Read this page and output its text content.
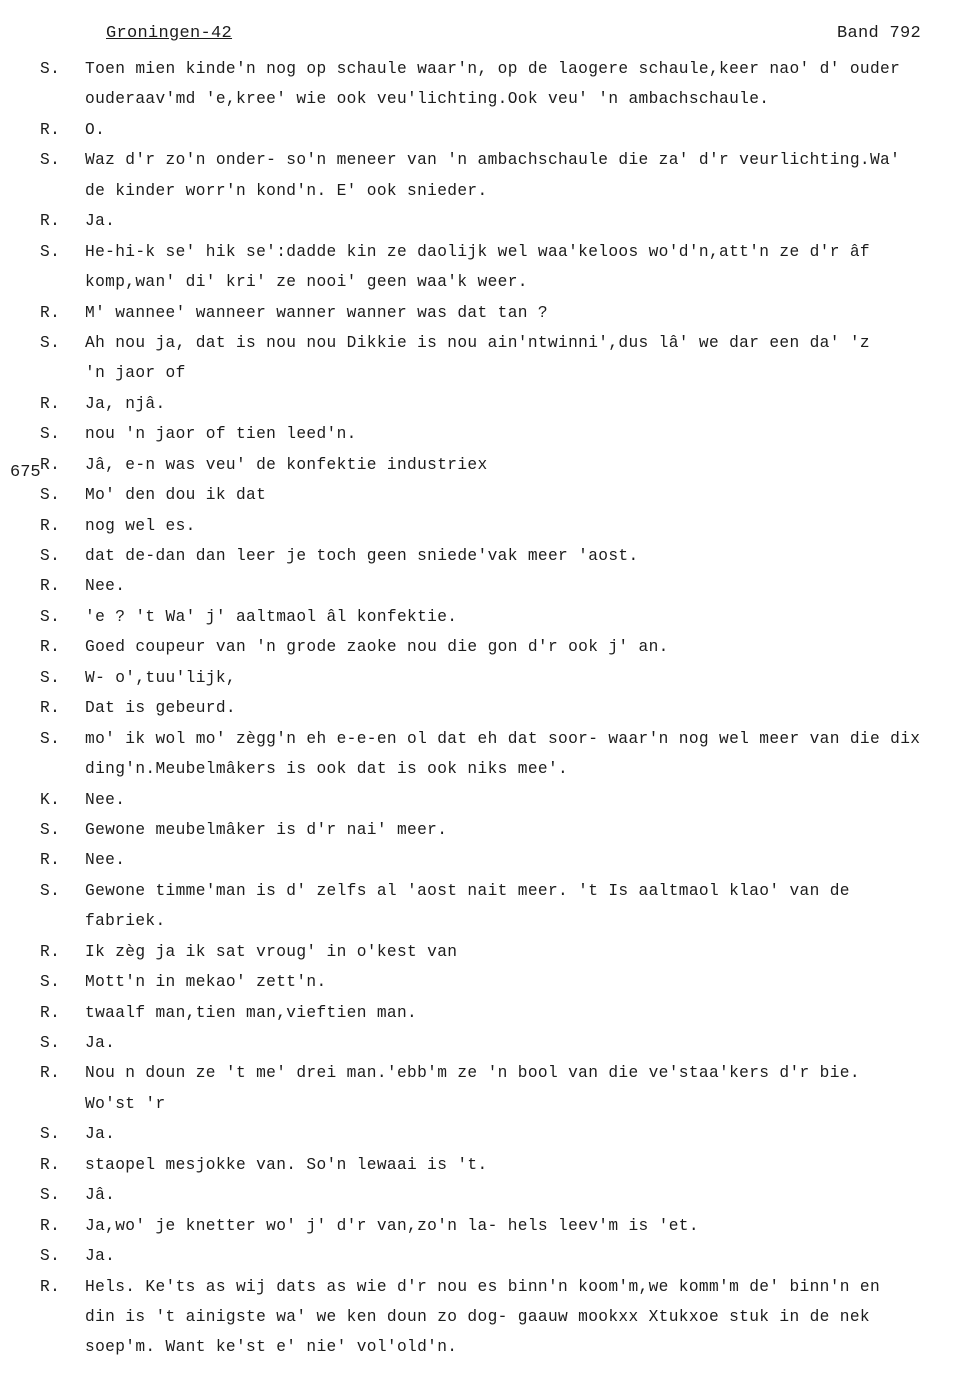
Groningen-42	Band 792
675
S. Toen mien kinde'n nog op schaule waar'n, op de laogere schaule,keer nao' d' ouder
ouderaav'md 'e,kree' wie ook veu'lichting.Ook veu' 'n ambachschaule.
R. O.
S. Waz d'r zo'n onder- so'n meneer van 'n ambachschaule die za' d'r veurlichting.Wa'
de kinder worr'n kond'n. E' ook snieder.
R. Ja.
S. He-hi-k se' hik se':dadde kin ze daolijk wel waa'keloos wo'd'n,att'n ze d'r âf
komp,wan' di' kri' ze nooi' geen waa'k weer.
R. M' wannee' wanneer wanner wanner was dat tan ?
S. Ah nou ja, dat is nou nou Dikkie is nou ain'ntwinni',dus lâ' we dar een da' 'z
'n jaor of
R. Ja, njâ.
S. nou 'n jaor of tien leed'n.
R. Jâ, e-n was veu' de konfektie industriex
S. Mo' den dou ik dat
R. nog wel es.
S. dat de-dan dan leer je toch geen sniede'vak meer 'aost.
R. Nee.
S. 'e ? 't Wa' j' aaltmaol âl konfektie.
R. Goed coupeur van 'n grode zaoke nou die gon d'r ook j' an.
S. W- o',tuu'lijk,
R. Dat is gebeurd.
S. mo' ik wol mo' zègg'n eh e-e-en ol dat eh dat soor- waar'n nog wel meer van die dix
ding'n.Meubelmâkers is ook dat is ook niks mee'.
K. Nee.
S. Gewone meubelmâker is d'r nai' meer.
R. Nee.
S. Gewone timme'man is d' zelfs al 'aost nait meer. 't Is aaltmaol klao' van de
fabriek.
R. Ik zèg ja ik sat vroug' in o'kest van
S. Mott'n in mekao' zett'n.
R. twaalf man,tien man,vieftien man.
S. Ja.
R. Nou n doun ze 't me' drei man.'ebb'm ze 'n bool van die ve'staa'kers d'r bie.
Wo'st 'r
S. Ja.
R. staopel mesjokke van. So'n lewaai is 't.
S. Jâ.
R. Ja,wo' je knetter wo' j' d'r van,zo'n la- hels leev'm is 'et.
S. Ja.
R. Hels. Ke'ts as wij dats as wie d'r nou es binn'n koom'm,we komm'm de' binn'n en
din is 't ainigste wa' we ken doun zo dog- gaauw mookxx Xtukxoe stuk in de nek
soep'm. Want ke'st e' nie' vol'old'n.
